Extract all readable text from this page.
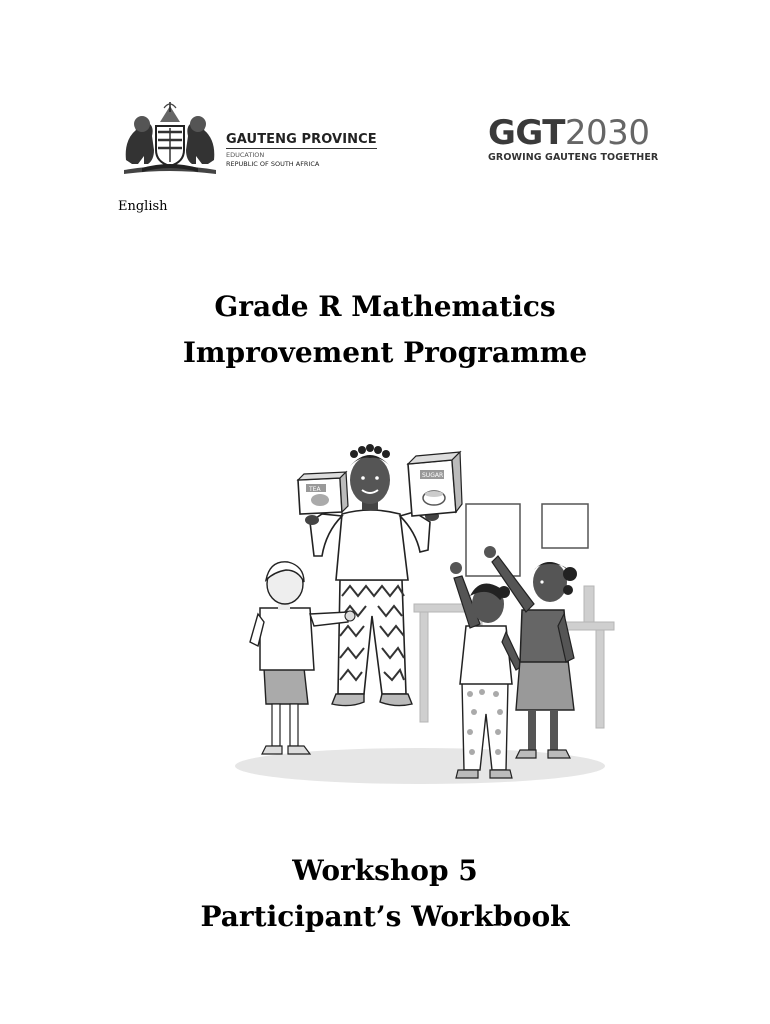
GAUTENG PROVINCE
EDUCATION
REPUBLIC OF SOUTH AFRICA
GGT2030
GROWING GAUTENG TOGETHER
English
Grade R Mathematics
Improvement Programme
TEA
SUGAR
Workshop 5
Participant’s Workbook
